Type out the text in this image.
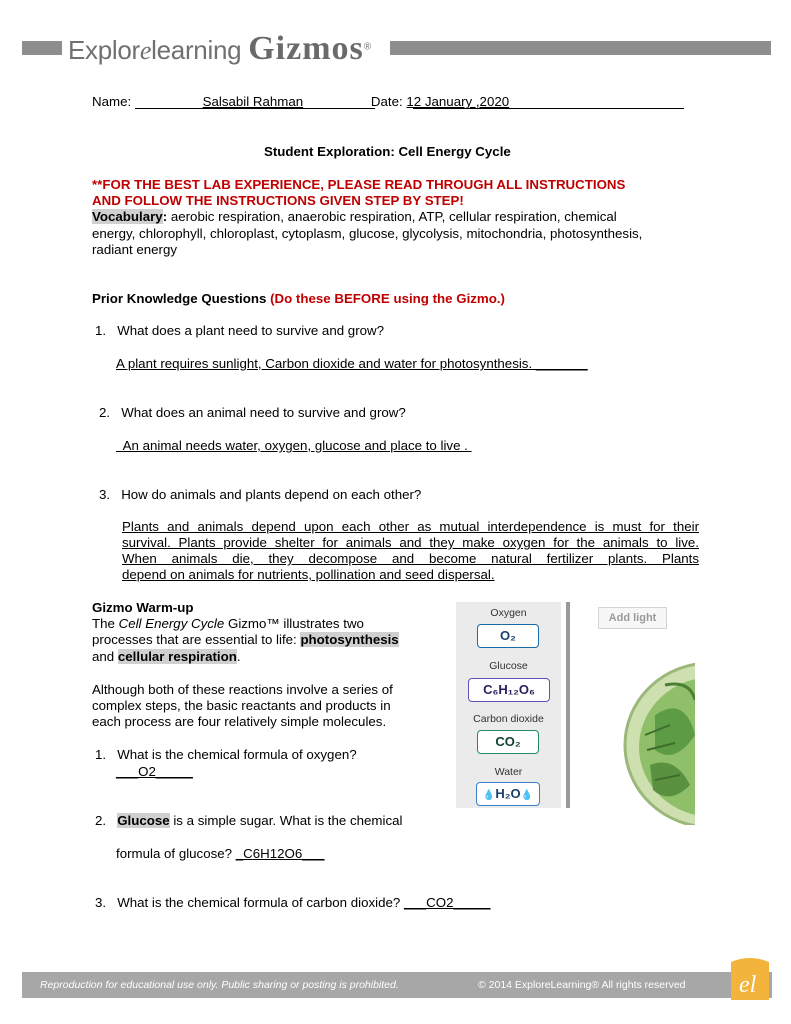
Explorelearning Gizmos®
Name:	Salsabil Rahman	Date: 12 January ,2020
Student Exploration: Cell Energy Cycle
**FOR THE BEST LAB EXPERIENCE, PLEASE READ THROUGH ALL INSTRUCTIONS
AND FOLLOW THE INSTRUCTIONS GIVEN STEP BY STEP!
Vocabulary: aerobic respiration, anaerobic respiration, ATP, cellular respiration, chemical
energy, chlorophyll, chloroplast, cytoplasm, glucose, glycolysis, mitochondria, photosynthesis,
radiant energy
Prior Knowledge Questions (Do these BEFORE using the Gizmo.)
1. What does a plant need to survive and grow?
A plant requires sunlight, Carbon dioxide and water for photosynthesis. _______
2. What does an animal need to survive and grow?
An animal needs water, oxygen, glucose and place to live .
3. How do animals and plants depend on each other?
Plants and animals depend upon each other as mutual interdependence is must for their
survival. Plants provide shelter for animals and they make oxygen for the animals to live.
When animals die, they decompose and become natural fertilizer plants. Plants
depend on animals for nutrients, pollination and seed dispersal.
Gizmo Warm-up
The Cell Energy Cycle Gizmo™ illustrates two
processes that are essential to life: photosynthesis
and cellular respiration.
Although both of these reactions involve a series of
complex steps, the basic reactants and products in
each process are four relatively simple molecules.
1. What is the chemical formula of oxygen?
___O2_____
2. Glucose is a simple sugar. What is the chemical
formula of glucose? _C6H12O6___
3. What is the chemical formula of carbon dioxide? ___CO2_____
Oxygen
O₂
Glucose
C₆H₁₂O₆
Carbon dioxide
CO₂
Water
💧H₂O💧
Add light
Reproduction for educational use only. Public sharing or posting is prohibited.	© 2014 ExploreLearning® All rights reserved el
